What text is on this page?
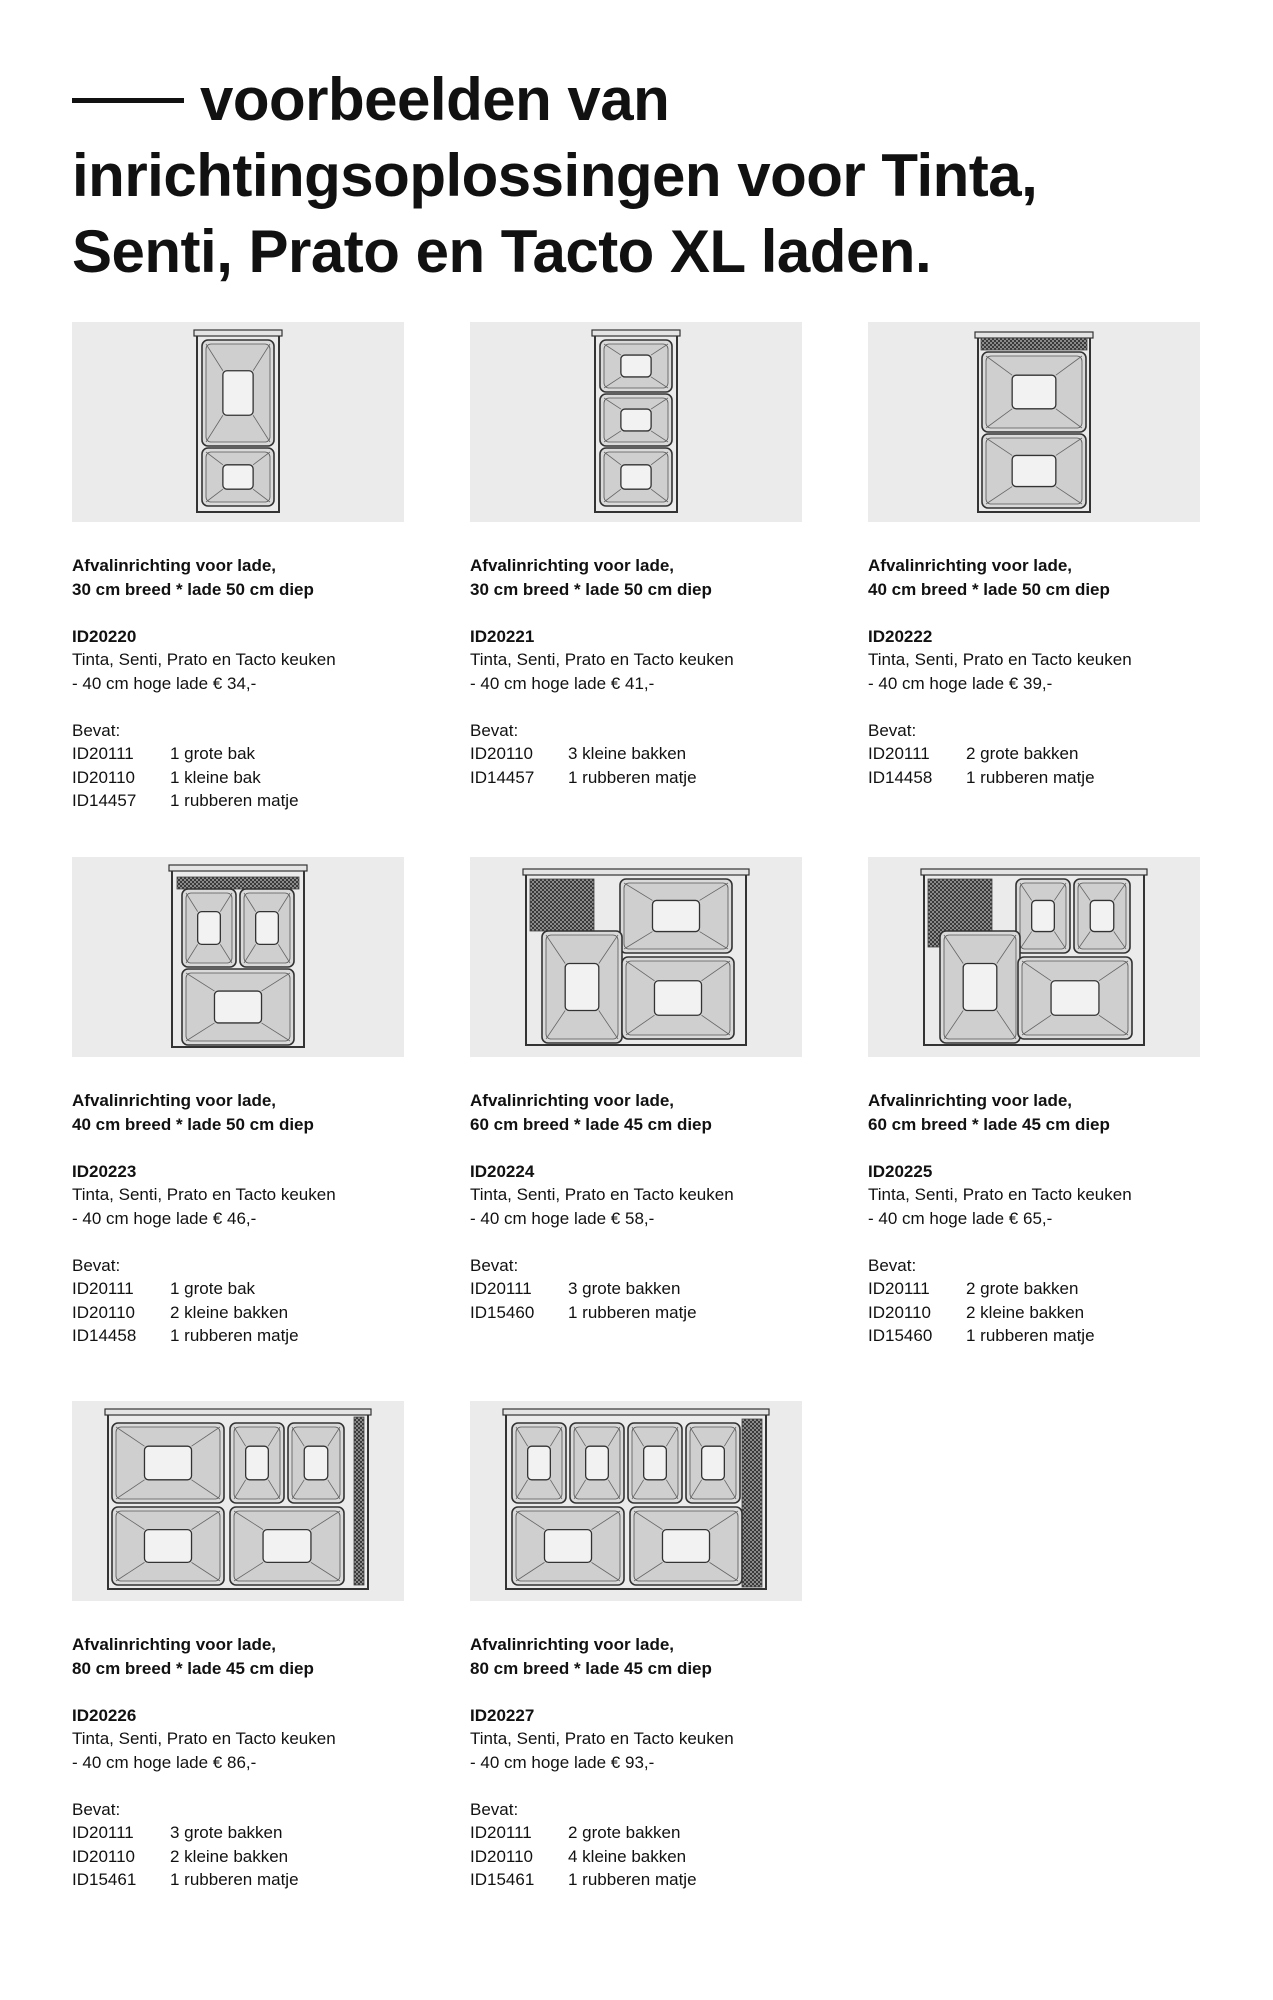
voorbeelden van
inrichtingsoplossingen voor Tinta,
Senti, Prato en Tacto XL laden.
Afvalinrichting voor lade,
30 cm breed * lade 50 cm diep
ID20220
Tinta, Senti, Prato en Tacto keuken
- 40 cm hoge lade € 34,-
Bevat:
ID20111	1 grote bak
ID20110	1 kleine bak
ID14457	1 rubberen matje
Afvalinrichting voor lade,
30 cm breed * lade 50 cm diep
ID20221
Tinta, Senti, Prato en Tacto keuken
- 40 cm hoge lade € 41,-
Bevat:
ID20110	3 kleine bakken
ID14457	1 rubberen matje
Afvalinrichting voor lade,
40 cm breed * lade 50 cm diep
ID20222
Tinta, Senti, Prato en Tacto keuken
- 40 cm hoge lade € 39,-
Bevat:
ID20111	2 grote bakken
ID14458	1 rubberen matje
Afvalinrichting voor lade,
40 cm breed * lade 50 cm diep
ID20223
Tinta, Senti, Prato en Tacto keuken
- 40 cm hoge lade € 46,-
Bevat:
ID20111	1 grote bak
ID20110	2 kleine bakken
ID14458	1 rubberen matje
Afvalinrichting voor lade,
60 cm breed * lade 45 cm diep
ID20224
Tinta, Senti, Prato en Tacto keuken
- 40 cm hoge lade € 58,-
Bevat:
ID20111	3 grote bakken
ID15460	1 rubberen matje
Afvalinrichting voor lade,
60 cm breed * lade 45 cm diep
ID20225
Tinta, Senti, Prato en Tacto keuken
- 40 cm hoge lade € 65,-
Bevat:
ID20111	2 grote bakken
ID20110	2 kleine bakken
ID15460	1 rubberen matje
Afvalinrichting voor lade,
80 cm breed * lade 45 cm diep
ID20226
Tinta, Senti, Prato en Tacto keuken
- 40 cm hoge lade € 86,-
Bevat:
ID20111	3 grote bakken
ID20110	2 kleine bakken
ID15461	1 rubberen matje
Afvalinrichting voor lade,
80 cm breed * lade 45 cm diep
ID20227
Tinta, Senti, Prato en Tacto keuken
- 40 cm hoge lade € 93,-
Bevat:
ID20111	2 grote bakken
ID20110	4 kleine bakken
ID15461	1 rubberen matje
